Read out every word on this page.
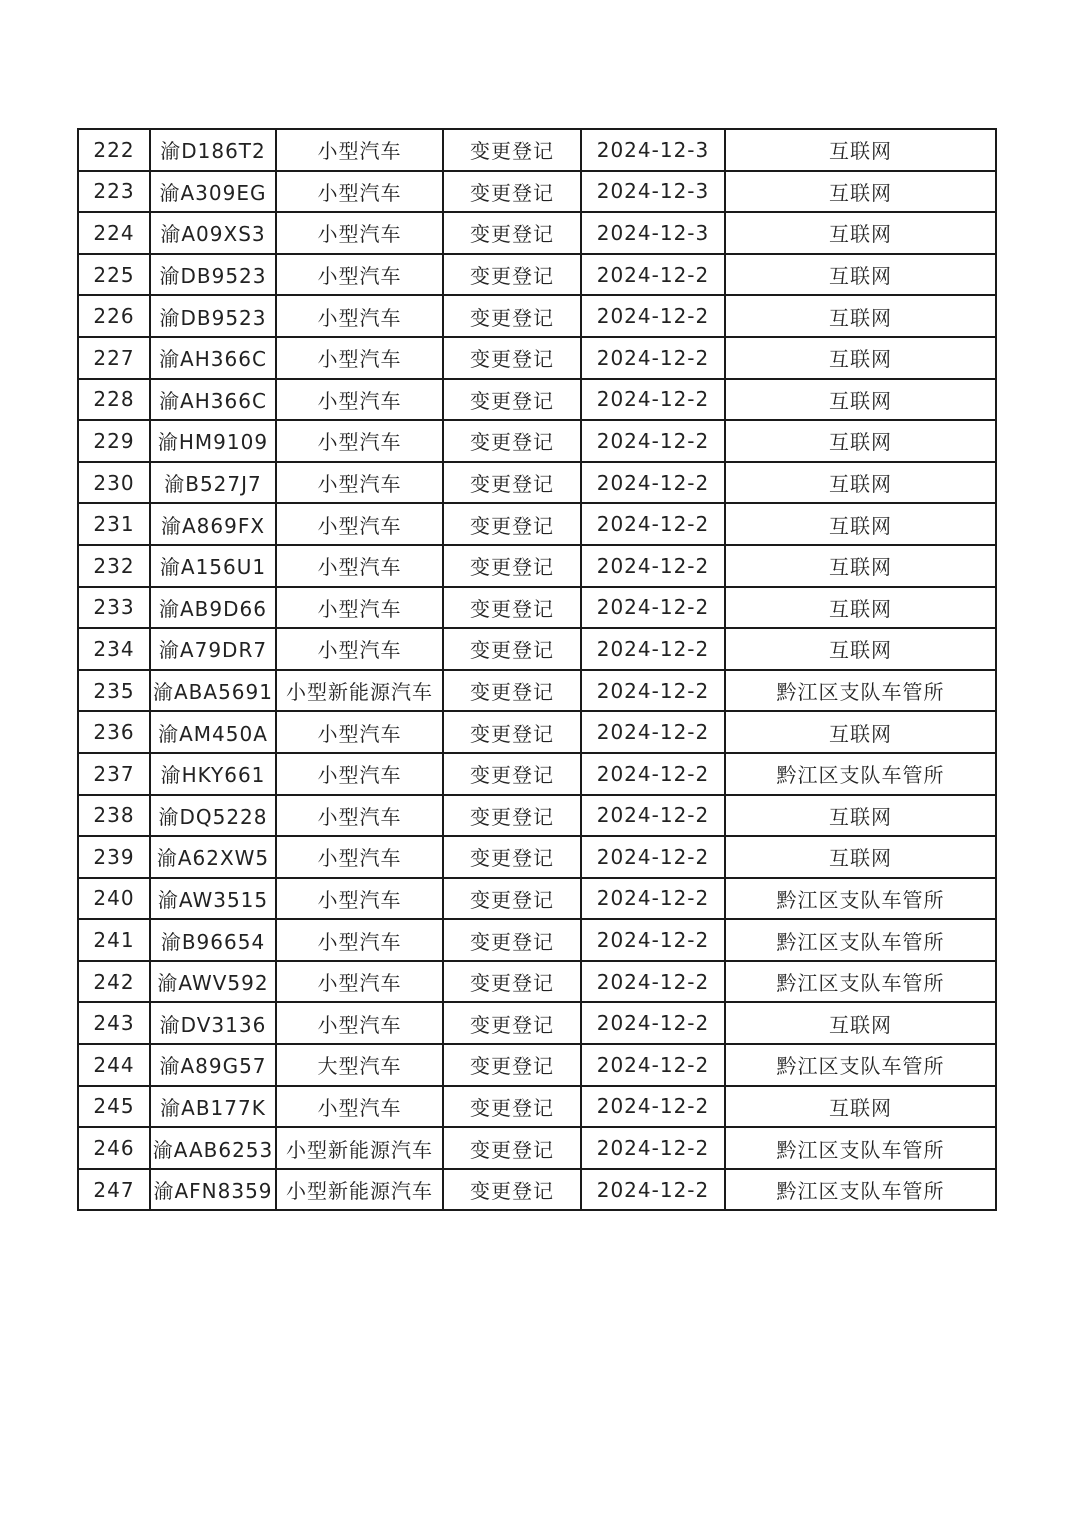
222	渝D186T2	小型汽车	变更登记	2024-12-3	互联网
223	渝A309EG	小型汽车	变更登记	2024-12-3	互联网
224	渝A09XS3	小型汽车	变更登记	2024-12-3	互联网
225	渝DB9523	小型汽车	变更登记	2024-12-2	互联网
226	渝DB9523	小型汽车	变更登记	2024-12-2	互联网
227	渝AH366C	小型汽车	变更登记	2024-12-2	互联网
228	渝AH366C	小型汽车	变更登记	2024-12-2	互联网
229	渝HM9109	小型汽车	变更登记	2024-12-2	互联网
230	渝B527J7	小型汽车	变更登记	2024-12-2	互联网
231	渝A869FX	小型汽车	变更登记	2024-12-2	互联网
232	渝A156U1	小型汽车	变更登记	2024-12-2	互联网
233	渝AB9D66	小型汽车	变更登记	2024-12-2	互联网
234	渝A79DR7	小型汽车	变更登记	2024-12-2	互联网
235	渝ABA5691	小型新能源汽车	变更登记	2024-12-2	黔江区支队车管所
236	渝AM450A	小型汽车	变更登记	2024-12-2	互联网
237	渝HKY661	小型汽车	变更登记	2024-12-2	黔江区支队车管所
238	渝DQ5228	小型汽车	变更登记	2024-12-2	互联网
239	渝A62XW5	小型汽车	变更登记	2024-12-2	互联网
240	渝AW3515	小型汽车	变更登记	2024-12-2	黔江区支队车管所
241	渝B96654	小型汽车	变更登记	2024-12-2	黔江区支队车管所
242	渝AWV592	小型汽车	变更登记	2024-12-2	黔江区支队车管所
243	渝DV3136	小型汽车	变更登记	2024-12-2	互联网
244	渝A89G57	大型汽车	变更登记	2024-12-2	黔江区支队车管所
245	渝AB177K	小型汽车	变更登记	2024-12-2	互联网
246	渝AAB6253	小型新能源汽车	变更登记	2024-12-2	黔江区支队车管所
247	渝AFN8359	小型新能源汽车	变更登记	2024-12-2	黔江区支队车管所
